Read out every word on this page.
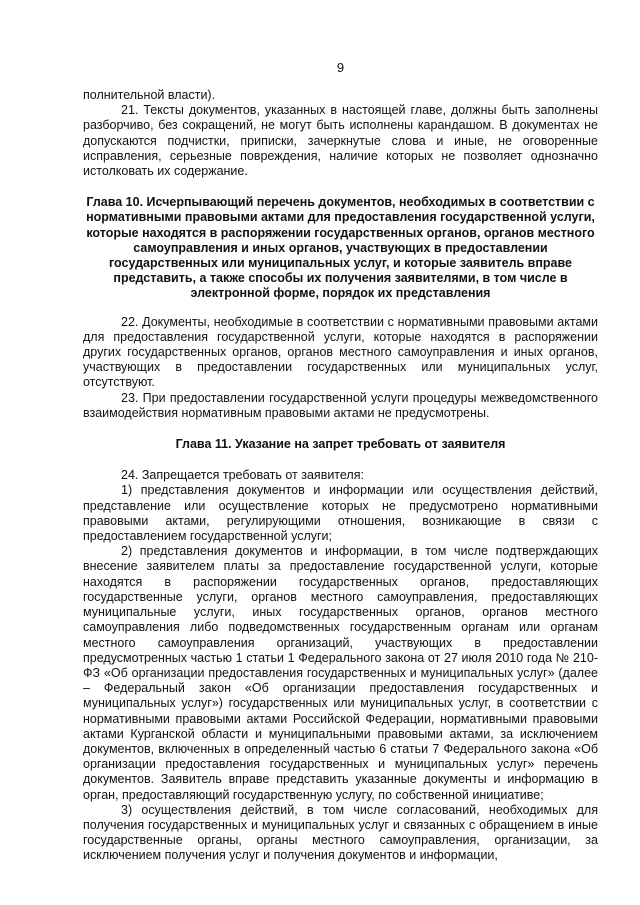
9

полнительной власти).

21. Тексты документов, указанных в настоящей главе, должны быть заполнены разборчиво, без сокращений, не могут быть исполнены карандашом. В документах не допускаются подчистки, приписки, зачеркнутые слова и иные, не оговоренные исправления, серьезные повреждения, наличие которых не позволяет однозначно истолковать их содержание.

Глава 10. Исчерпывающий перечень документов, необходимых в соответствии с нормативными правовыми актами для предоставления государственной услуги, которые находятся в распоряжении государственных органов, органов местного самоуправления и иных органов, участвующих в предоставлении государственных или муниципальных услуг, и которые заявитель вправе представить, а также способы их получения заявителями, в том числе в электронной форме, порядок их представления

22. Документы, необходимые в соответствии с нормативными правовыми актами для предоставления государственной услуги, которые находятся в распоряжении других государственных органов, органов местного самоуправления и иных органов, участвующих в предоставлении государственных или муниципальных услуг, отсутствуют.

23. При предоставлении государственной услуги процедуры межведомственного взаимодействия нормативным правовыми актами не предусмотрены.

Глава 11. Указание на запрет требовать от заявителя

24. Запрещается требовать от заявителя:

1) представления документов и информации или осуществления действий, представление или осуществление которых не предусмотрено нормативными правовыми актами, регулирующими отношения, возникающие в связи с предоставлением государственной услуги;

2) представления документов и информации, в том числе подтверждающих внесение заявителем платы за предоставление государственной услуги, которые находятся в распоряжении государственных органов, предоставляющих государственные услуги, органов местного самоуправления, предоставляющих муниципальные услуги, иных государственных органов, органов местного самоуправления либо подведомственных государственным органам или органам местного самоуправления организаций, участвующих в предоставлении предусмотренных частью 1 статьи 1 Федерального закона от 27 июля 2010 года № 210-ФЗ «Об организации предоставления государственных и муниципальных услуг» (далее – Федеральный закон «Об организации предоставления государственных и муниципальных услуг») государственных или муниципальных услуг, в соответствии с нормативными правовыми актами Российской Федерации, нормативными правовыми актами Курганской области и муниципальными правовыми актами, за исключением документов, включенных в определенный частью 6 статьи 7 Федерального закона «Об организации предоставления государственных и муниципальных услуг» перечень документов. Заявитель вправе представить указанные документы и информацию в орган, предоставляющий государственную услугу, по собственной инициативе;

3) осуществления действий, в том числе согласований, необходимых для получения государственных и муниципальных услуг и связанных с обращением в иные государственные органы, органы местного самоуправления, организации, за исключением получения услуг и получения документов и информации,
